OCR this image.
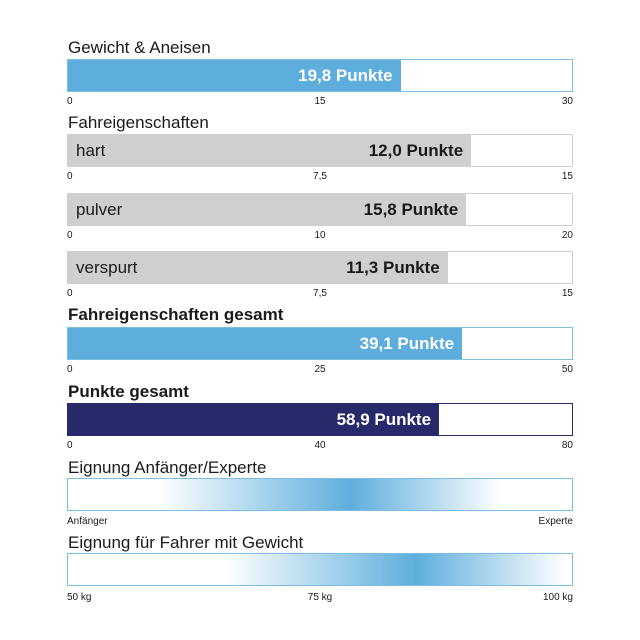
Gewicht & Aneisen
19,8 Punkte
0	15	30
Fahreigenschaften
12,0 Punkte
hart
0	7,5	15
15,8 Punkte
pulver
0	10	20
11,3 Punkte
verspurt
0	7,5	15
Fahreigenschaften gesamt
39,1 Punkte
0	25	50
Punkte gesamt
58,9 Punkte
0	40	80
Eignung Anfänger/Experte
Anfänger	Experte
Eignung für Fahrer mit Gewicht
50 kg	75 kg	100 kg
